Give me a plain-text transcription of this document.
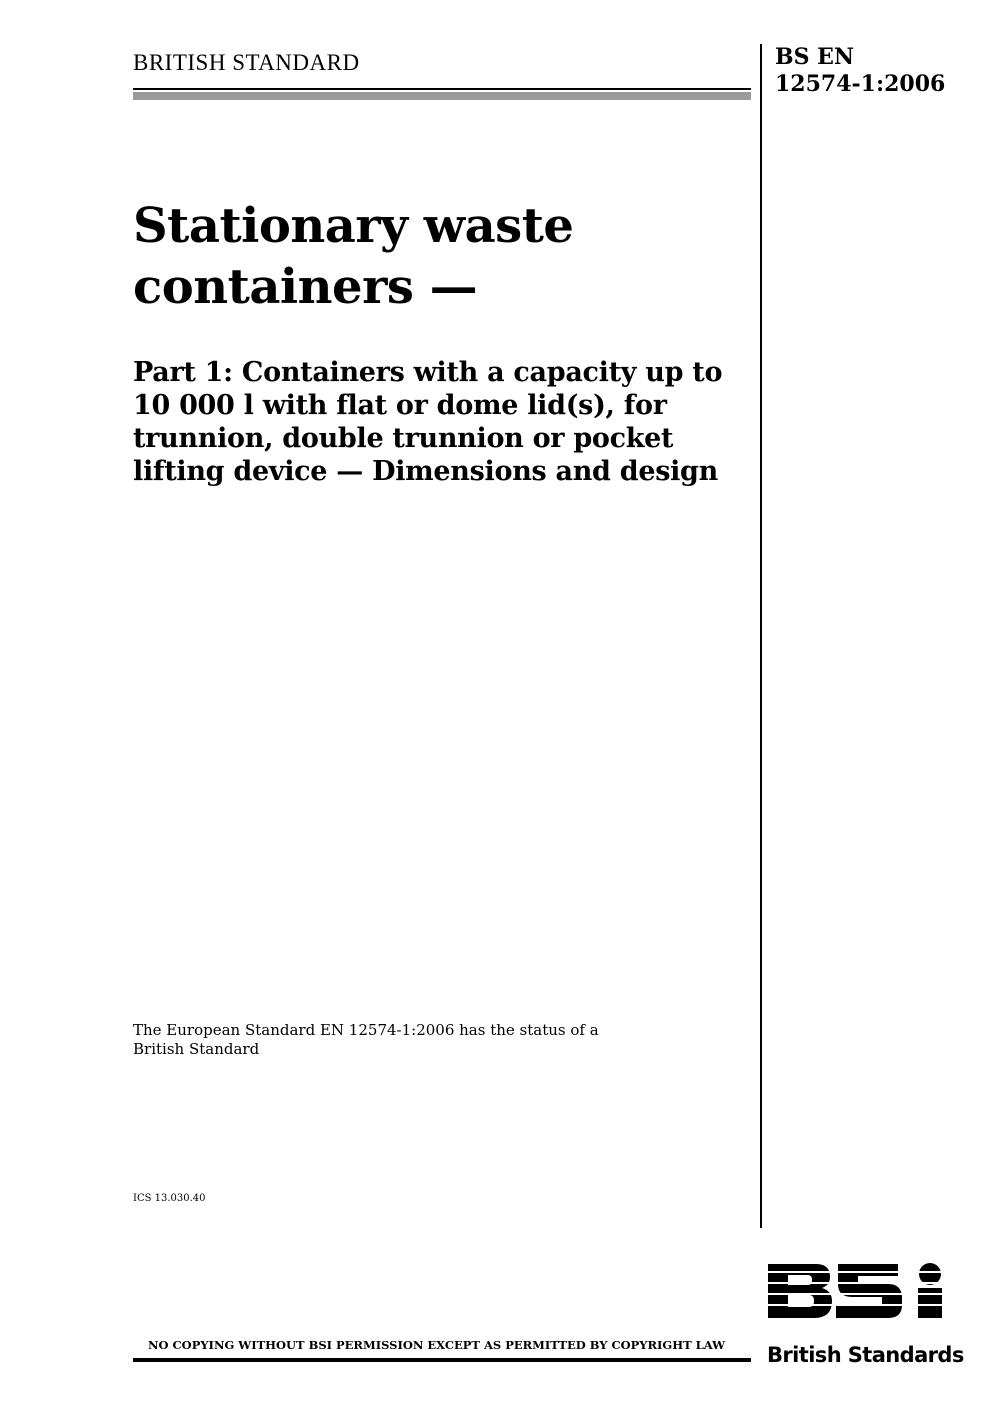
BRITISH STANDARD	BS EN
12574-1:2006
Stationary waste
containers —
Part 1: Containers with a capacity up to
10 000 l with flat or dome lid(s), for
trunnion, double trunnion or pocket
lifting device — Dimensions and design
The European Standard EN 12574-1:2006 has the status of a
British Standard
ICS 13.030.40
NO COPYING WITHOUT BSI PERMISSION EXCEPT AS PERMITTED BY COPYRIGHT LAW British Standards
